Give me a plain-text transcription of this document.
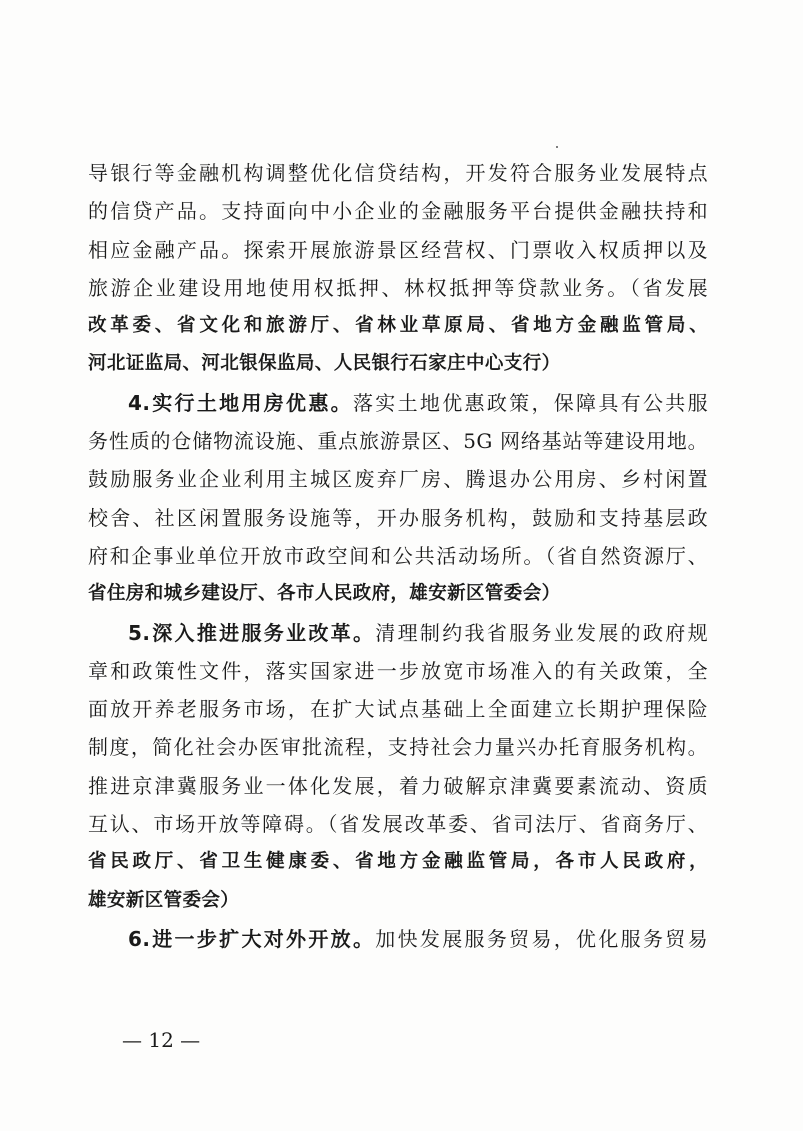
导银行等金融机构调整优化信贷结构，开发符合服务业发展特点
的信贷产品。支持面向中小企业的金融服务平台提供金融扶持和
相应金融产品。探索开展旅游景区经营权、门票收入权质押以及
旅游企业建设用地使用权抵押、林权抵押等贷款业务。（省发展
改革委、省文化和旅游厅、省林业草原局、省地方金融监管局、
河北证监局、河北银保监局、人民银行石家庄中心支行）
4.实行土地用房优惠。落实土地优惠政策，保障具有公共服
务性质的仓储物流设施、重点旅游景区、5G 网络基站等建设用地。
鼓励服务业企业利用主城区废弃厂房、腾退办公用房、乡村闲置
校舍、社区闲置服务设施等，开办服务机构，鼓励和支持基层政
府和企事业单位开放市政空间和公共活动场所。（省自然资源厅、
省住房和城乡建设厅、各市人民政府，雄安新区管委会）
5.深入推进服务业改革。清理制约我省服务业发展的政府规
章和政策性文件，落实国家进一步放宽市场准入的有关政策，全
面放开养老服务市场，在扩大试点基础上全面建立长期护理保险
制度，简化社会办医审批流程，支持社会力量兴办托育服务机构。
推进京津冀服务业一体化发展，着力破解京津冀要素流动、资质
互认、市场开放等障碍。（省发展改革委、省司法厅、省商务厅、
省民政厅、省卫生健康委、省地方金融监管局，各市人民政府，
雄安新区管委会）
6.进一步扩大对外开放。加快发展服务贸易，优化服务贸易
— 12 —
